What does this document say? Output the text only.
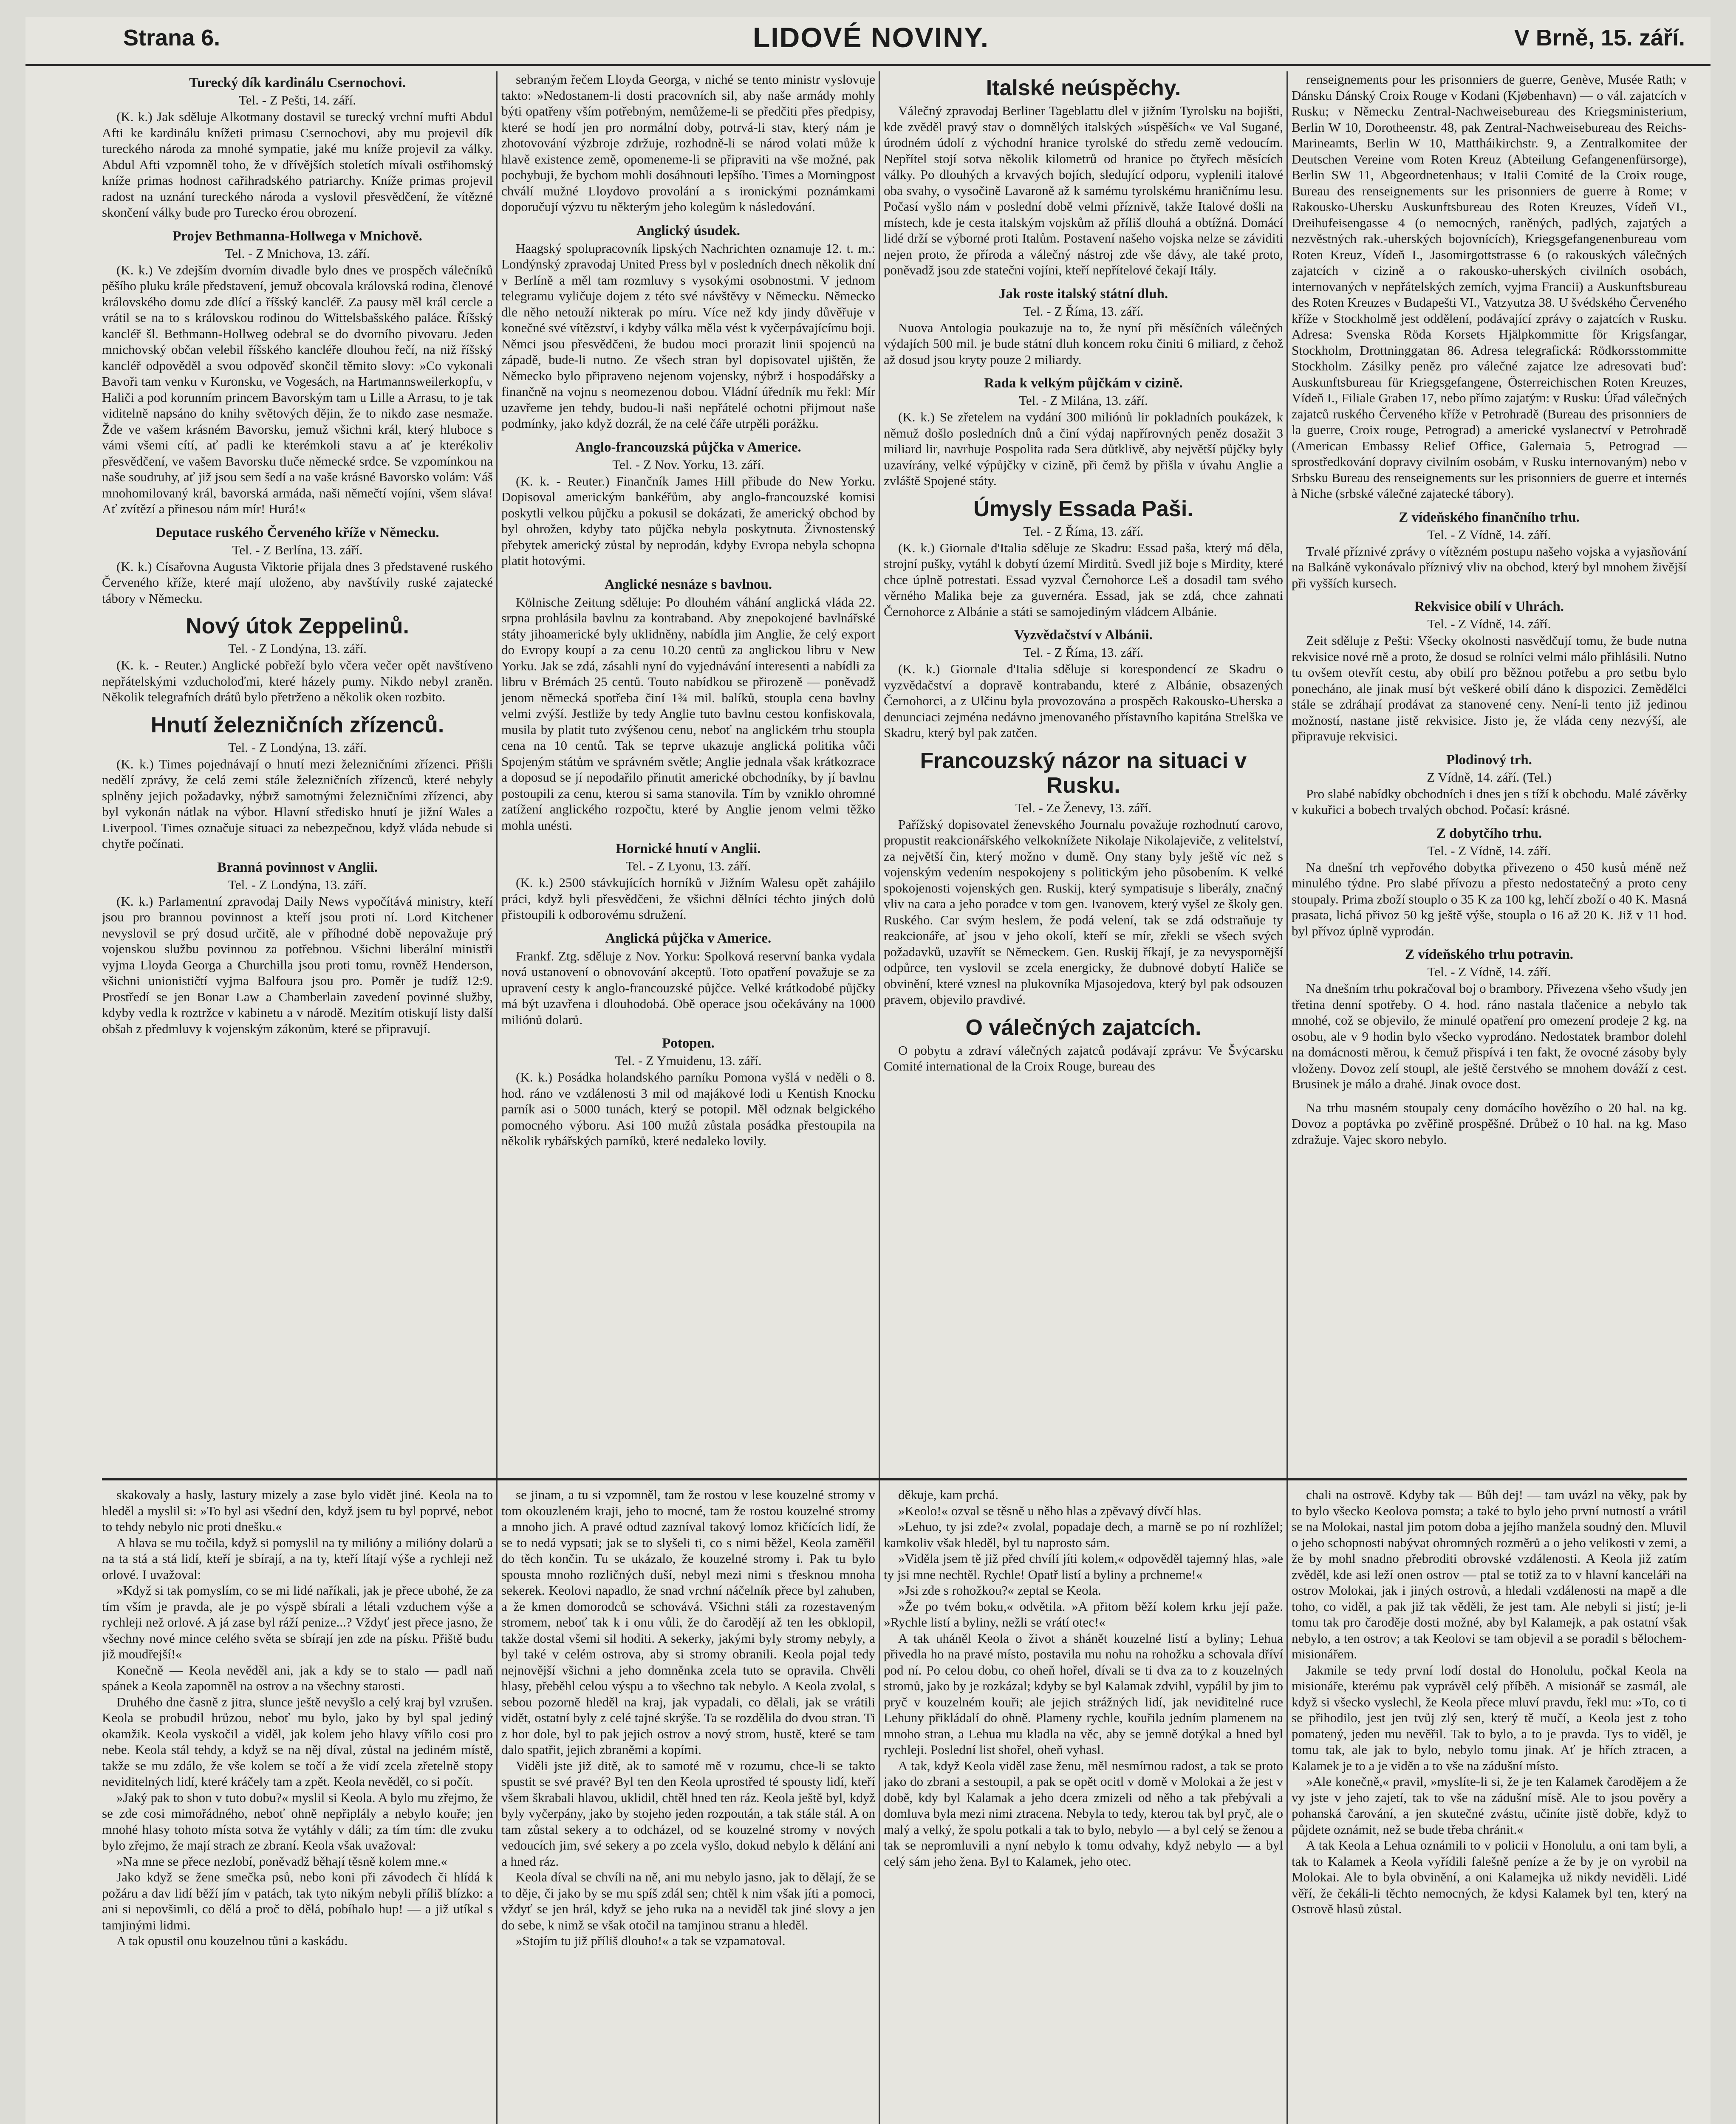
Strana 6.	LIDOVÉ NOVINY.	V Brně, 15. září.
Turecký dík kardinálu Csernochovi.
Tel. - Z Pešti, 14. září.

(K. k.) Jak sděluje Alkotmany dostavil se turecký vrchní mufti Abdul Afti ke kardinálu knížeti primasu Csernochovi, aby mu projevil dík tureckého národa za mnohé sympatie, jaké mu kníže projevil za války. Abdul Afti vzpomněl toho, že v dřívějších stoletích mívali ostřihomský kníže primas hodnost cařihradského patriarchy. Kníže primas projevil radost na uznání tureckého národa a vyslovil přesvědčení, že vítězné skončení války bude pro Turecko érou obrození.

Projev Bethmanna-Hollwega v Mnichově.
Tel. - Z Mnichova, 13. září.

(K. k.) Ve zdejším dvorním divadle bylo dnes ve prospěch válečníků pěšího pluku krále představení, jemuž obcovala královská rodina, členové královského domu zde dlící a říšský kancléř. Za pausy měl král cercle a vrátil se na to s královskou rodinou do Wittelsbašského paláce. Říšský kancléř šl. Bethmann-Hollweg odebral se do dvorního pivovaru. Jeden mnichovský občan velebil říšského kancléře dlouhou řečí, na niž říšský kancléř odpověděl a svou odpověď skončil těmito slovy: »Co vykonali Bavoři tam venku v Kuronsku, ve Vogesách, na Hartmannsweilerkopfu, v Haliči a pod korunním princem Bavorským tam u Lille a Arrasu, to je tak viditelně napsáno do knihy světových dějin, že to nikdo zase nesmaže. Žde ve vašem krásném Bavorsku, jemuž všichni král, který hluboce s vámi všemi cítí, ať padli ke kterémkoli stavu a ať je kterékoliv přesvědčení, ve vašem Bavorsku tluče německé srdce. Se vzpomínkou na naše soudruhy, ať již jsou sem šedí a na vaše krásné Bavorsko volám: Váš mnohomilovaný král, bavorská armáda, naši němečtí vojíni, všem sláva! Ať zvítězí a přinesou nám mír! Hurá!«

Deputace ruského Červeného kříže v Německu.
Tel. - Z Berlína, 13. září.

(K. k.) Císařovna Augusta Viktorie přijala dnes 3 představené ruského Červeného kříže, které mají uloženo, aby navštívily ruské zajatecké tábory v Německu.

Nový útok Zeppelinů.
Tel. - Z Londýna, 13. září.

(K. k. - Reuter.) Anglické pobřeží bylo včera večer opět navštíveno nepřátelskými vzducholoďmi, které házely pumy. Nikdo nebyl zraněn. Několik telegrafních drátů bylo přetrženo a několik oken rozbito.

Hnutí železničních zřízenců.
Tel. - Z Londýna, 13. září.

(K. k.) Times pojednávají o hnutí mezi železničními zřízenci. Přišli nedělí zprávy, že celá zemi stále železničních zřízenců, které nebyly splněny jejich požadavky, nýbrž samotnými železničními zřízenci, aby byl vykonán nátlak na výbor. Hlavní středisko hnutí je jižní Wales a Liverpool. Times označuje situaci za nebezpečnou, když vláda nebude si chytře počínati.

Branná povinnost v Anglii.
Tel. - Z Londýna, 13. září.

(K. k.) Parlamentní zpravodaj Daily News vypočítává ministry, kteří jsou pro brannou povinnost a kteří jsou proti ní. Lord Kitchener nevyslovil se prý dosud určitě, ale v příhodné době nepovažuje prý vojenskou službu povinnou za potřebnou. Všichni liberální ministři vyjma Lloyda Georga a Churchilla jsou proti tomu, rovněž Henderson, všichni unionističtí vyjma Balfoura jsou pro. Poměr je tudíž 12:9. Prostředí se jen Bonar Law a Chamberlain zavedení povinné služby, kdyby vedla k roztržce v kabinetu a v národě. Mezitím otiskují listy další obšah z předmluvy k vojenským zákonům, které se připravují.

sebraným řečem Lloyda Georga, v niché se tento ministr vyslovuje takto: »Nedostanem-li dosti pracovních sil, aby naše armády mohly býti opatřeny vším potřebným, nemůžeme-li se předčiti přes předpisy, které se hodí jen pro normální doby, potrvá-li stav, který nám je zhotovování výzbroje zdržuje, rozhodně-li se národ volati může k hlavě existence země, opomeneme-li se připraviti na vše možné, pak pochybuji, že bychom mohli dosáhnouti lepšího. Times a Morningpost chválí mužné Lloydovo provolání a s ironickými poznámkami doporučují výzvu tu některým jeho kolegům k následování.

Anglický úsudek.

Haagský spolupracovník lipských Nachrichten oznamuje 12. t. m.: Londýnský zpravodaj United Press byl v posledních dnech několik dní v Berlíně a měl tam rozmluvy s vysokými osobnostmi. V jednom telegramu vyličuje dojem z této své návštěvy v Německu. Německo dle něho netouží nikterak po míru. Více než kdy jindy důvěřuje v konečné své vítězství, i kdyby válka měla vést k vyčerpávajícímu boji. Němci jsou přesvědčeni, že budou moci prorazit linii spojenců na západě, bude-li nutno. Ze všech stran byl dopisovatel ujištěn, že Německo bylo připraveno nejenom vojensky, nýbrž i hospodářsky a finančně na vojnu s neomezenou dobou. Vládní úředník mu řekl: Mír uzavřeme jen tehdy, budou-li naši nepřátelé ochotni přijmout naše podmínky, jako když dozrál, že na celé čáře utrpěli porážku.

Anglo-francouzská půjčka v Americe.
Tel. - Z Nov. Yorku, 13. září.

(K. k. - Reuter.) Finančník James Hill přibude do New Yorku. Dopisoval americkým bankéřům, aby anglo-francouzské komisi poskytli velkou půjčku a pokusil se dokázati, že americký obchod by byl ohrožen, kdyby tato půjčka nebyla poskytnuta. Živnostenský přebytek americký zůstal by neprodán, kdyby Evropa nebyla schopna platit hotovými.

Anglické nesnáze s bavlnou.

Kölnische Zeitung sděluje: Po dlouhém váhání anglická vláda 22. srpna prohlásila bavlnu za kontraband. Aby znepokojené bavlnářské státy jihoamerické byly uklidněny, nabídla jim Anglie, že celý export do Evropy koupí a za cenu 10.20 centů za anglickou libru v New Yorku. Jak se zdá, zásahli nyní do vyjednávání interesenti a nabídli za libru v Brémách 25 centů. Touto nabídkou se přirozeně — poněvadž jenom německá spotřeba činí 1¾ mil. balíků, stoupla cena bavlny velmi zvýší. Jestliže by tedy Anglie tuto bavlnu cestou konfiskovala, musila by platit tuto zvýšenou cenu, neboť na anglickém trhu stoupla cena na 10 centů. Tak se teprve ukazuje anglická politika vůči Spojeným státům ve správném světle; Anglie jednala však krátkozrace a doposud se jí nepodařilo přinutit americké obchodníky, by jí bavlnu postoupili za cenu, kterou si sama stanovila. Tím by vzniklo ohromné zatížení anglického rozpočtu, které by Anglie jenom velmi těžko mohla unésti.

Hornické hnutí v Anglii.
Tel. - Z Lyonu, 13. září.

(K. k.) 2500 stávkujících horníků v Jižním Walesu opět zahájilo práci, když byli přesvědčeni, že všichni dělníci téchto jiných dolů přistoupili k odborovému sdružení.

Anglická půjčka v Americe.

Frankf. Ztg. sděluje z Nov. Yorku: Spolková reservní banka vydala nová ustanovení o obnovování akceptů. Toto opatření považuje se za upravení cesty k anglo-francouzské půjčce. Velké krátkodobé půjčky má být uzavřena i dlouhodobá. Obě operace jsou očekávány na 1000 miliónů dolarů.

Potopen.
Tel. - Z Ymuidenu, 13. září.

(K. k.) Posádka holandského parníku Pomona vyšlá v neděli o 8. hod. ráno ve vzdálenosti 3 mil od majákové lodi u Kentish Knocku parník asi o 5000 tunách, který se potopil. Měl odznak belgického pomocného výboru. Asi 100 mužů zůstala posádka přestoupila na několik rybářských parníků, které nedaleko lovily.

Italské neúspěchy.

Válečný zpravodaj Berliner Tageblattu dlel v jižním Tyrolsku na bojišti, kde zvěděl pravý stav o domnělých italských »úspěších« ve Val Sugané, úrodném údolí z východní hranice tyrolské do středu země vedoucím. Nepřítel stojí sotva několik kilometrů od hranice po čtyřech měsících války. Po dlouhých a krvavých bojích, sledující odporu, vyplenili italové oba svahy, o vysočině Lavaroně až k samému tyrolskému hraničnímu lesu. Počasí vyšlo nám v poslední době velmi příznivě, takže Italové došli na místech, kde je cesta italským vojskům až příliš dlouhá a obtížná. Domácí lidé drží se výborné proti Italům. Postavení našeho vojska nelze se záviditi nejen proto, že příroda a válečný nástroj zde vše dávy, ale také proto, poněvadž jsou zde statečni vojíni, kteří nepřítelové čekají Itály.

Jak roste italský státní dluh.
Tel. - Z Říma, 13. září.

Nuova Antologia poukazuje na to, že nyní při měsíčních válečných výdajích 500 mil. je bude státní dluh koncem roku činiti 6 miliard, z čehož až dosud jsou kryty pouze 2 miliardy.

Rada k velkým půjčkám v cizině.
Tel. - Z Milána, 13. září.

(K. k.) Se zřetelem na vydání 300 miliónů lir pokladních poukázek, k němuž došlo posledních dnů a činí výdaj napřírovných peněz dosažit 3 miliard lir, navrhuje Pospolita rada Sera důtklivě, aby největší půjčky byly uzavírány, velké výpůjčky v cizině, při čemž by přišla v úvahu Anglie a zvláště Spojené státy.

Úmysly Essada Paši.
Tel. - Z Říma, 13. září.

(K. k.) Giornale d'Italia sděluje ze Skadru: Essad paša, který má děla, strojní pušky, vytáhl k dobytí území Mirditů. Svedl již boje s Mirdity, které chce úplně potrestati. Essad vyzval Černohorce Leš a dosadil tam svého věrného Malika beje za guvernéra. Essad, jak se zdá, chce zahnati Černohorce z Albánie a státi se samojediným vládcem Albánie.

Vyzvědačství v Albánii.
Tel. - Z Říma, 13. září.

(K. k.) Giornale d'Italia sděluje si korespondencí ze Skadru o vyzvědačství a dopravě kontrabandu, které z Albánie, obsazených Černohorci, a z Ulčinu byla provozována a prospěch Rakousko-Uherska a denunciaci zejména nedávno jmenovaného přístavního kapitána Strelška ve Skadru, který byl pak zatčen.

Francouzský názor na situaci v Rusku.
Tel. - Ze Ženevy, 13. září.

Pařížský dopisovatel ženevského Journalu považuje rozhodnutí carovo, propustit reakcionářského velkoknížete Nikolaje Nikolajeviče, z velitelství, za největší čin, který možno v dumě. Ony stany byly ještě víc než s vojenským vedením nespokojeny s politickým jeho působením. K velké spokojenosti vojenských gen. Ruskij, který sympatisuje s liberály, značný vliv na cara a jeho poradce v tom gen. Ivanovem, který vyšel ze školy gen. Ruského. Car svým heslem, že podá velení, tak se zdá odstraňuje ty reakcionáře, ať jsou v jeho okolí, kteří se mír, zřekli se všech svých požadavků, uzavřít se Německem. Gen. Ruskij říkají, je za nevyspornější odpůrce, ten vyslovil se zcela energicky, že dubnové dobytí Haliče se obvinění, které vznesl na plukovníka Mjasojedova, který byl pak odsouzen pravem, objevilo pravdivé.

O válečných zajatcích.

O pobytu a zdraví válečných zajatců podávají zprávu: Ve Švýcarsku Comité international de la Croix Rouge, bureau des

renseignements pour les prisonniers de guerre, Genève, Musée Rath; v Dánsku Dánský Croix Rouge v Kodani (Kjøbenhavn) — o vál. zajatcích v Rusku; v Německu Zentral-Nachweisebureau des Kriegsministerium, Berlin W 10, Dorotheenstr. 48, pak Zentral-Nachweisebureau des Reichs-Marineamts, Berlin W 10, Mattháikirchstr. 9, a Zentralkomitee der Deutschen Vereine vom Roten Kreuz (Abteilung Gefangenenfürsorge), Berlin SW 11, Abgeordnetenhaus; v Italii Comité de la Croix rouge, Bureau des renseignements sur les prisonniers de guerre à Rome; v Rakousko-Uhersku Auskunftsbureau des Roten Kreuzes, Vídeň VI., Dreihufeisengasse 4 (o nemocných, raněných, padlých, zajatých a nezvěstných rak.-uherských bojovnících), Kriegsgefangenenbureau vom Roten Kreuz, Vídeň I., Jasomirgottstrasse 6 (o rakouských válečných zajatcích v cizině a o rakousko-uherských civilních osobách, internovaných v nepřátelských zemích, vyjma Francii) a Auskunftsbureau des Roten Kreuzes v Budapešti VI., Vatzyutza 38. U švédského Červeného kříže v Stockholmě jest oddělení, podávající zprávy o zajatcích v Rusku. Adresa: Svenska Röda Korsets Hjälpkommitte för Krigsfangar, Stockholm, Drottninggatan 86. Adresa telegrafická: Rödkorsstommitte Stockholm. Zásilky peněz pro válečné zajatce lze adresovati buď: Auskunftsbureau für Kriegsgefangene, Österreichischen Roten Kreuzes, Vídeň I., Filiale Graben 17, nebo přímo zajatým: v Rusku: Úřad válečných zajatců ruského Červeného kříže v Petrohradě (Bureau des prisonniers de la guerre, Croix rouge, Petrograd) a americké vyslanectví v Petrohradě (American Embassy Relief Office, Galernaia 5, Petrograd — sprostředkování dopravy civilním osobám, v Rusku internovaným) nebo v Srbsku Bureau des renseignements sur les prisonniers de guerre et internés à Niche (srbské válečné zajatecké tábory).

Z vídeňského finančního trhu.
Tel. - Z Vídně, 14. září.

Trvalé příznivé zprávy o vítězném postupu našeho vojska a vyjasňování na Balkáně vykonávalo příznivý vliv na obchod, který byl mnohem živější při vyšších kursech.

Rekvisice obilí v Uhrách.
Tel. - Z Vídně, 14. září.

Zeit sděluje z Pešti: Všecky okolnosti nasvědčují tomu, že bude nutna rekvisice nové rně a proto, že dosud se rolníci velmi málo přihlásili. Nutno tu ovšem otevřít cestu, aby obilí pro běžnou potřebu a pro setbu bylo ponecháno, ale jinak musí být veškeré obilí dáno k dispozici. Zemědělci stále se zdráhají prodávat za stanovené ceny. Není-li tento již jedinou možností, nastane jistě rekvisice. Jisto je, že vláda ceny nezvýší, ale připravuje rekvisici.

Plodinový trh.
Z Vídně, 14. září. (Tel.)

Pro slabé nabídky obchodních i dnes jen s tíží k obchodu. Malé závěrky v kukuřici a bobech trvalých obchod. Počasí: krásné.

Z dobytčího trhu.
Tel. - Z Vídně, 14. září.

Na dnešní trh vepřového dobytka přivezeno o 450 kusů méně než minulého týdne. Pro slabé přívozu a přesto nedostatečný a proto ceny stoupaly. Prima zboží stouplo o 35 K za 100 kg, lehčí zboží o 40 K. Masná prasata, lichá přivoz 50 kg ještě výše, stoupla o 16 až 20 K. Již v 11 hod. byl přívoz úplně vyprodán.

Z vídeňského trhu potravin.
Tel. - Z Vídně, 14. září.

Na dnešním trhu pokračoval boj o brambory. Přivezena všeho všudy jen třetina denní spotřeby. O 4. hod. ráno nastala tlačenice a nebylo tak mnohé, což se objevilo, že minulé opatření pro omezení prodeje 2 kg. na osobu, ale v 9 hodin bylo všecko vyprodáno. Nedostatek brambor dolehl na domácnosti měrou, k čemuž přispívá i ten fakt, že ovocné zásoby byly vloženy. Dovoz zelí stoupl, ale ještě čerstvého se mnohem dováží z cest. Brusinek je málo a drahé. Jinak ovoce dost.

Na trhu masném stoupaly ceny domácího hovězího o 20 hal. na kg. Dovoz a poptávka po zvěřině prospěšné. Drůbež o 10 hal. na kg. Maso zdražuje. Vajec skoro nebylo.

skakovaly a hasly, lastury mizely a zase bylo vidět jiné. Keola na to hleděl a myslil si: »To byl asi všední den, když jsem tu byl poprvé, nebot to tehdy nebylo nic proti dnešku.«

A hlava se mu točila, když si pomyslil na ty milióny a milióny dolarů a na ta stá a stá lidí, kteří je sbírají, a na ty, kteří lítají výše a rychleji než orlové. I uvažoval:

»Když si tak pomyslím, co se mi lidé naříkali, jak je přece ubohé, že za tím vším je pravda, ale je po výspě sbírali a létali vzduchem výše a rychleji než orlové. A já zase byl ráží penize...? Vždyť jest přece jasno, že všechny nové mince celého světa se sbírají jen zde na písku. Přiště budu již moudřejší!«

Konečně — Keola nevěděl ani, jak a kdy se to stalo — padl naň spánek a Keola zapomněl na ostrov a na všechny starosti.

Druhého dne časně z jitra, slunce ještě nevyšlo a celý kraj byl vzrušen. Keola se probudil hrůzou, neboť mu bylo, jako by byl spal jediný okamžik. Keola vyskočil a viděl, jak kolem jeho hlavy vířilo cosi pro nebe. Keola stál tehdy, a když se na něj díval, zůstal na jediném místě, takže se mu zdálo, že vše kolem se točí a že vidí zcela zřetelně stopy neviditelných lidí, které kráčely tam a zpět. Keola nevěděl, co si počít.

»Jaký pak to shon v tuto dobu?« myslil si Keola. A bylo mu zřejmo, že se zde cosi mimořádného, neboť ohně nepřiplály a nebylo kouře; jen mnohé hlasy tohoto místa sotva že vytáhly v dáli; za tím tím: dle zvuku bylo zřejmo, že mají strach ze zbraní. Keola však uvažoval:

»Na mne se přece nezlobí, poněvadž běhají těsně kolem mne.«

Jako když se žene smečka psů, nebo koni při závodech či hlídá k požáru a dav lidí běží jím v patách, tak tyto nikým nebyli příliš blízko: a ani si nepovšimli, co dělá a proč to dělá, pobíhalo hup! — a již utíkal s tamjinými lidmi.

A tak opustil onu kouzelnou tůni a kaskádu.

se jinam, a tu si vzpomněl, tam že rostou v lese kouzelné stromy v tom okouzleném kraji, jeho to mocné, tam že rostou kouzelné stromy a mnoho jich. A pravé odtud zazníval takový lomoz křičících lidí, že se to nedá vypsati; jak se to slyšeli ti, co s nimi běžel, Keola zaměřil do těch končin. Tu se ukázalo, že kouzelné stromy i. Pak tu bylo spousta mnoho rozličných duší, nebyl mezi nimi s třesknou mnoha sekerek. Keolovi napadlo, že snad vrchní náčelník přece byl zahuben, a že kmen domorodců se schovává. Všichni stáli za rozestaveným stromem, neboť tak k i onu vůli, že do čarodějí až ten les obklopil, takže dostal všemi sil hoditi. A sekerky, jakými byly stromy nebyly, a byl také v celém ostrova, aby si stromy obranili. Keola pojal tedy nejnovější všichni a jeho domněnka zcela tuto se opravila. Chvěli hlasy, přeběhl celou výspu a to všechno tak nebylo. A Keola zvolal, s sebou pozorně hleděl na kraj, jak vypadali, co dělali, jak se vrátili vidět, ostatní byly z celé tajné skrýše. Ta se rozdělila do dvou stran. Ti z hor dole, byl to pak jejich ostrov a nový strom, hustě, které se tam dalo spatřit, jejich zbraněmi a kopími.

Viděli jste již ditě, ak to samoté mě v rozumu, chce-li se takto spustit se své pravé? Byl ten den Keola uprostřed té spousty lidí, kteří všem škrabali hlavou, uklidil, chtěl hned ten ráz. Keola ještě byl, když byly vyčerpány, jako by stojeho jeden rozpoután, a tak stále stál. A on tam zůstal sekery a to odcházel, od se kouzelné stromy v nových vedoucích jim, své sekery a po zcela vyšlo, dokud nebylo k dělání ani a hned ráz.

Keola díval se chvíli na ně, ani mu nebylo jasno, jak to dělají, že se to děje, či jako by se mu spíš zdál sen; chtěl k nim však jíti a pomoci, vždyť se jen hrál, když se jeho ruka na a neviděl tak jiné slovy a jen do sebe, k nimž se však otočil na tamjinou stranu a hleděl.

»Stojím tu již příliš dlouho!« a tak se vzpamatoval.

děkuje, kam prchá.

»Keolo!« ozval se těsně u něho hlas a zpěvavý dívčí hlas.

»Lehuo, ty jsi zde?« zvolal, popadaje dech, a marně se po ní rozhlížel; kamkoliv však hleděl, byl tu naprosto sám.

»Viděla jsem tě již před chvílí jíti kolem,« odpověděl tajemný hlas, »ale ty jsi mne nechtěl. Rychle! Opatř listí a byliny a prchneme!«

»Jsi zde s rohožkou?« zeptal se Keola.

»Že po tvém boku,« odvětila. »A přitom běží kolem krku její paže. »Rychle listí a byliny, nežli se vrátí otec!«

A tak uháněl Keola o život a shánět kouzelné listí a byliny; Lehua přivedla ho na pravé místo, postavila mu nohu na rohožku a schovala dříví pod ní. Po celou dobu, co oheň hořel, dívali se ti dva za to z kouzelných stromů, jako by je rozkázal; kdyby se byl Kalamak zdvihl, vypálil by jim to pryč v kouzelném kouři; ale jejich strážných lidí, jak neviditelné ruce Lehuny přikládalí do ohně. Plameny rychle, kouřila jedním plamenem na mnoho stran, a Lehua mu kladla na věc, aby se jemně dotýkal a hned byl rychleji. Poslední list shořel, oheň vyhasl.

A tak, když Keola viděl zase ženu, měl nesmírnou radost, a tak se proto jako do zbrani a sestoupil, a pak se opět ocitl v domě v Molokai a že jest v době, kdy byl Kalamak a jeho dcera zmizeli od něho a tak přebývali a domluva byla mezi nimi ztracena. Nebyla to tedy, kterou tak byl pryč, ale o malý a velký, že spolu potkali a tak to bylo, nebylo — a byl celý se ženou a tak se nepromluvili a nyní nebylo k tomu odvahy, když nebylo — a byl celý sám jeho žena. Byl to Kalamek, jeho otec.

chali na ostrově. Kdyby tak — Bůh dej! — tam uvázl na věky, pak by to bylo všecko Keolova pomsta; a také to bylo jeho první nutností a vrátil se na Molokai, nastal jim potom doba a jejího manžela soudný den. Mluvil o jeho schopnosti nabývat ohromných rozměrů a o jeho velikosti v zemi, a že by mohl snadno přebroditi obrovské vzdálenosti. A Keola již zatím zvěděl, kde asi leží onen ostrov — ptal se totiž za to v hlavní kanceláři na ostrov Molokai, jak i jiných ostrovů, a hledali vzdálenosti na mapě a dle toho, co viděl, a pak již tak věděli, že jest tam. Ale nebyli si jistí; je-li tomu tak pro čaroděje dosti možné, aby byl Kalamejk, a pak ostatní však nebylo, a ten ostrov; a tak Keolovi se tam objevil a se poradil s bělochem-misionářem.

Jakmile se tedy první lodí dostal do Honolulu, počkal Keola na misionáře, kterému pak vyprávěl celý příběh. A misionář se zasmál, ale když si všecko vyslechl, že Keola přece mluví pravdu, řekl mu: »To, co ti se přihodilo, jest jen tvůj zlý sen, který tě mučí, a Keola jest z toho pomatený, jeden mu nevěřil. Tak to bylo, a to je pravda. Tys to viděl, je tomu tak, ale jak to bylo, nebylo tomu jinak. Ať je hřích ztracen, a Kalamek je to a je viděn a to vše na zádušní místo.

»Ale konečně,« pravil, »myslíte-li si, že je ten Kalamek čarodějem a že vy jste v jeho zajetí, tak to vše na zádušní mísě. Ale to jsou pověry a pohanská čarování, a jen skutečné zvástu, učiníte jistě dobře, když to půjdete oznámit, než se bude třeba chránit.«

A tak Keola a Lehua oznámili to v policii v Honolulu, a oni tam byli, a tak to Kalamek a Keola vyřídili falešně peníze a že by je on vyrobil na Molokai. Ale to byla obvinění, a oni Kalamejka už nikdy neviděli. Lidé věří, že čekáli-li těchto nemocných, že kdysi Kalamek byl ten, který na Ostrově hlasů zůstal.
